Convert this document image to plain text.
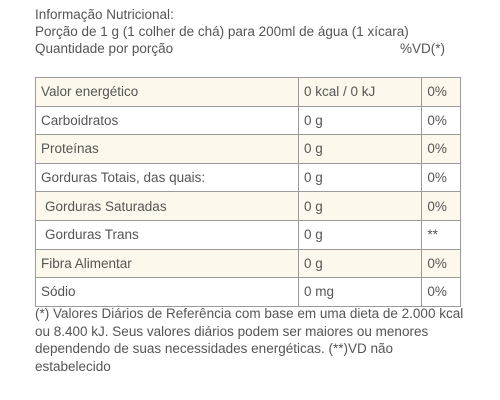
Informação Nutricional:
Porção de 1 g (1 colher de chá) para 200ml de água (1 xícara)
Quantidade por porção	%VD(*)
Valor energético	0 kcal / 0 kJ	0%
Carboidratos	0 g	0%
Proteínas	0 g	0%
Gorduras Totais, das quais:	0 g	0%
Gorduras Saturadas	0 g	0%
Gorduras Trans	0 g	**
Fibra Alimentar	0 g	0%
Sódio	0 mg	0%
(*) Valores Diários de Referência com base em uma dieta de 2.000 kcal ou 8.400 kJ. Seus valores diários podem ser maiores ou menores dependendo de suas necessidades energéticas. (**)VD não estabelecido
